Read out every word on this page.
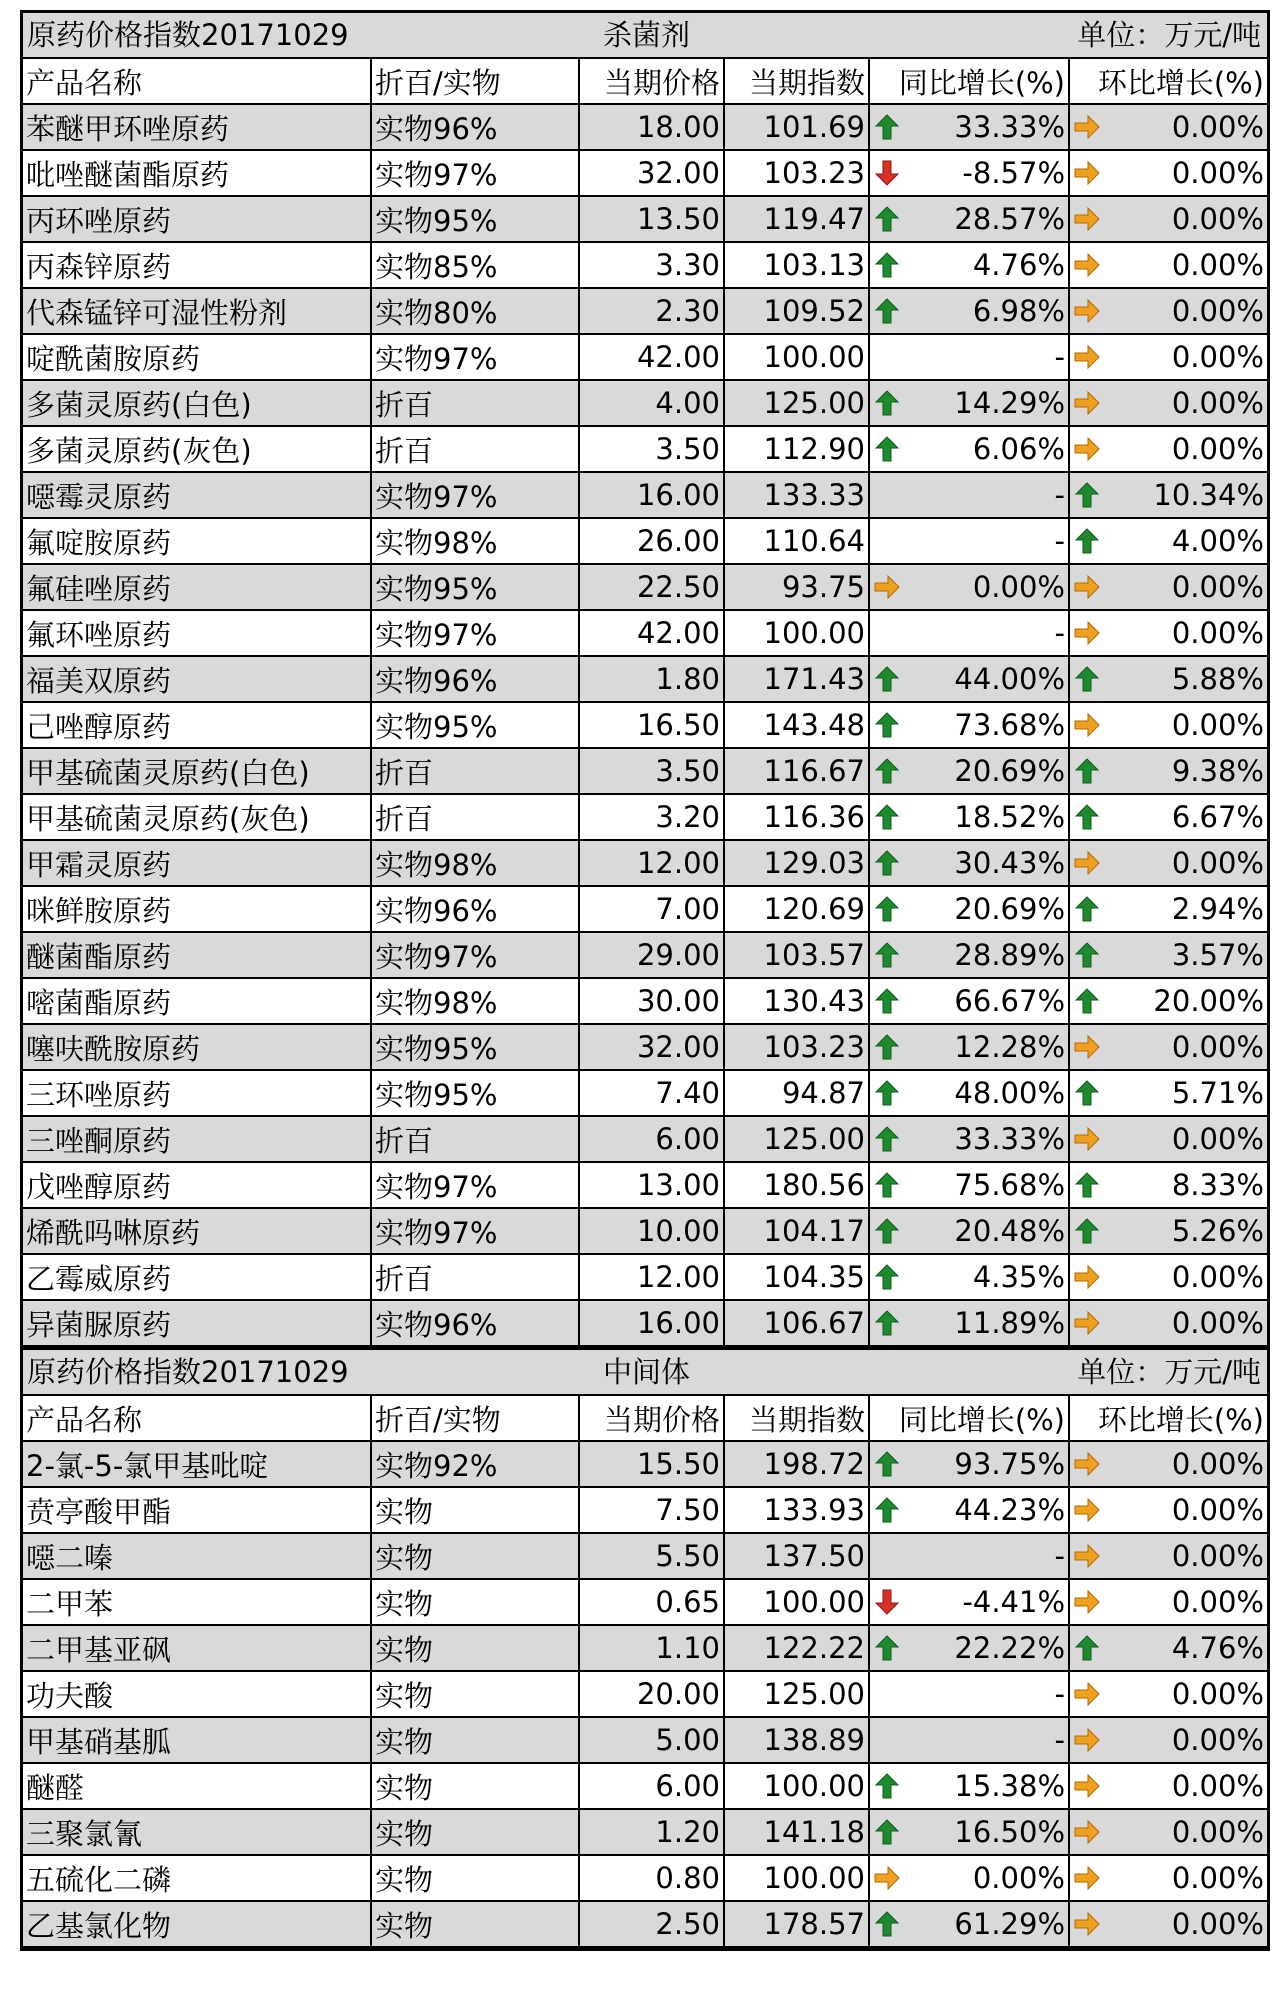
原药价格指数20171029	杀菌剂	单位：万元/吨
产品名称	折百/实物	当期价格	当期指数	同比增长(%)	环比增长(%)
苯醚甲环唑原药	实物96%	18.00	101.69	33.33%	0.00%

吡唑醚菌酯原药	实物97%	32.00	103.23	-8.57%	0.00%

丙环唑原药	实物95%	13.50	119.47	28.57%	0.00%

丙森锌原药	实物85%	3.30	103.13	4.76%	0.00%

代森锰锌可湿性粉剂	实物80%	2.30	109.52	6.98%	0.00%

啶酰菌胺原药	实物97%	42.00	100.00	-	0.00%

多菌灵原药(白色)	折百	4.00	125.00	14.29%	0.00%

多菌灵原药(灰色)	折百	3.50	112.90	6.06%	0.00%

噁霉灵原药	实物97%	16.00	133.33	-	10.34%

氟啶胺原药	实物98%	26.00	110.64	-	4.00%

氟硅唑原药	实物95%	22.50	93.75	0.00%	0.00%

氟环唑原药	实物97%	42.00	100.00	-	0.00%

福美双原药	实物96%	1.80	171.43	44.00%	5.88%

己唑醇原药	实物95%	16.50	143.48	73.68%	0.00%

甲基硫菌灵原药(白色)	折百	3.50	116.67	20.69%	9.38%

甲基硫菌灵原药(灰色)	折百	3.20	116.36	18.52%	6.67%

甲霜灵原药	实物98%	12.00	129.03	30.43%	0.00%

咪鲜胺原药	实物96%	7.00	120.69	20.69%	2.94%

醚菌酯原药	实物97%	29.00	103.57	28.89%	3.57%

嘧菌酯原药	实物98%	30.00	130.43	66.67%	20.00%

噻呋酰胺原药	实物95%	32.00	103.23	12.28%	0.00%

三环唑原药	实物95%	7.40	94.87	48.00%	5.71%

三唑酮原药	折百	6.00	125.00	33.33%	0.00%

戊唑醇原药	实物97%	13.00	180.56	75.68%	8.33%

烯酰吗啉原药	实物97%	10.00	104.17	20.48%	5.26%

乙霉威原药	折百	12.00	104.35	4.35%	0.00%

异菌脲原药	实物96%	16.00	106.67	11.89%	0.00%
原药价格指数20171029	中间体	单位：万元/吨
产品名称	折百/实物	当期价格	当期指数	同比增长(%)	环比增长(%)
2-氯-5-氯甲基吡啶	实物92%	15.50	198.72	93.75%	0.00%

贲亭酸甲酯	实物	7.50	133.93	44.23%	0.00%

噁二嗪	实物	5.50	137.50	-	0.00%

二甲苯	实物	0.65	100.00	-4.41%	0.00%

二甲基亚砜	实物	1.10	122.22	22.22%	4.76%

功夫酸	实物	20.00	125.00	-	0.00%

甲基硝基胍	实物	5.00	138.89	-	0.00%

醚醛	实物	6.00	100.00	15.38%	0.00%

三聚氯氰	实物	1.20	141.18	16.50%	0.00%

五硫化二磷	实物	0.80	100.00	0.00%	0.00%

乙基氯化物	实物	2.50	178.57	61.29%	0.00%
